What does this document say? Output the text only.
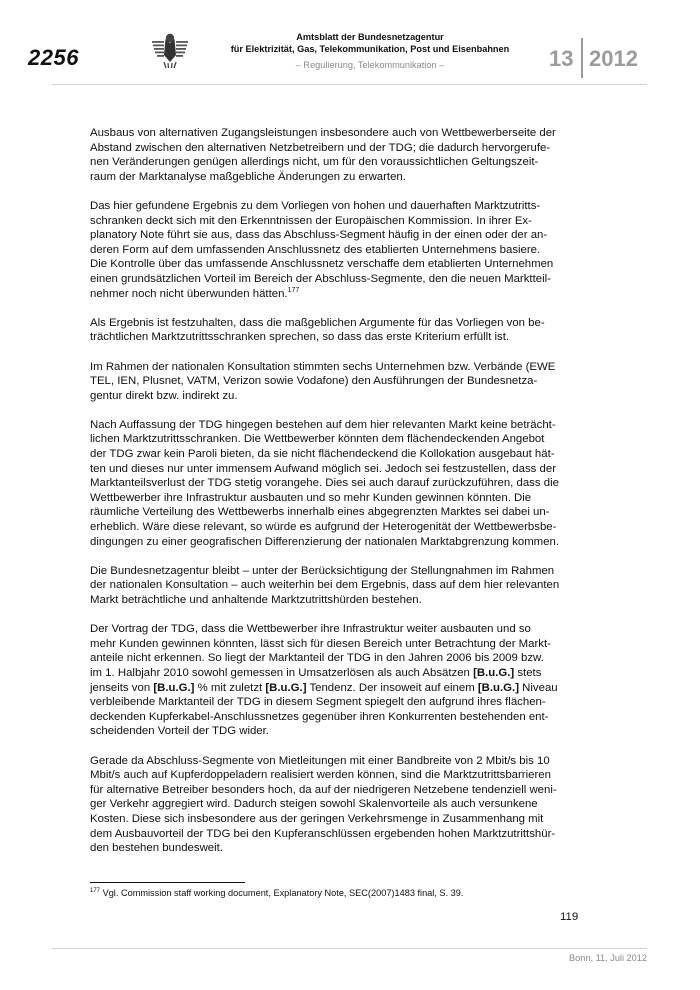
2256
Amtsblatt der Bundesnetzagentur
für Elektrizität, Gas, Telekommunikation, Post und Eisenbahnen
– Regulierung, Telekommunikation –	13 2012

Ausbaus von alternativen Zugangsleistungen insbesondere auch von Wettbewerberseite der
Abstand zwischen den alternativen Netzbetreibern und der TDG; die dadurch hervorgerufe-
nen Veränderungen genügen allerdings nicht, um für den voraussichtlichen Geltungszeit-
raum der Marktanalyse maßgebliche Änderungen zu erwarten.

Das hier gefundene Ergebnis zu dem Vorliegen von hohen und dauerhaften Marktzutritts-
schranken deckt sich mit den Erkenntnissen der Europäischen Kommission. In ihrer Ex-
planatory Note führt sie aus, dass das Abschluss-Segment häufig in der einen oder der an-
deren Form auf dem umfassenden Anschlussnetz des etablierten Unternehmens basiere.
Die Kontrolle über das umfassende Anschlussnetz verschaffe dem etablierten Unternehmen
einen grundsätzlichen Vorteil im Bereich der Abschluss-Segmente, den die neuen Marktteil-
nehmer noch nicht überwunden hätten.$^{177}$

Als Ergebnis ist festzuhalten, dass die maßgeblichen Argumente für das Vorliegen von be-
trächtlichen Marktzutrittsschranken sprechen, so dass das erste Kriterium erfüllt ist.

Im Rahmen der nationalen Konsultation stimmten sechs Unternehmen bzw. Verbände (EWE
TEL, IEN, Plusnet, VATM, Verizon sowie Vodafone) den Ausführungen der Bundesnetza-
gentur direkt bzw. indirekt zu.

Nach Auffassung der TDG hingegen bestehen auf dem hier relevanten Markt keine beträcht-
lichen Marktzutrittsschranken. Die Wettbewerber könnten dem flächendeckenden Angebot
der TDG zwar kein Paroli bieten, da sie nicht flächendeckend die Kollokation ausgebaut hät-
ten und dieses nur unter immensem Aufwand möglich sei. Jedoch sei festzustellen, dass der
Marktanteilsverlust der TDG stetig vorangehe. Dies sei auch darauf zurückzuführen, dass die
Wettbewerber ihre Infrastruktur ausbauten und so mehr Kunden gewinnen könnten. Die
räumliche Verteilung des Wettbewerbs innerhalb eines abgegrenzten Marktes sei dabei un-
erheblich. Wäre diese relevant, so würde es aufgrund der Heterogenität der Wettbewerbsbe-
dingungen zu einer geografischen Differenzierung der nationalen Marktabgrenzung kommen.

Die Bundesnetzagentur bleibt – unter der Berücksichtigung der Stellungnahmen im Rahmen
der nationalen Konsultation – auch weiterhin bei dem Ergebnis, dass auf dem hier relevanten
Markt beträchtliche und anhaltende Marktzutrittshürden bestehen.

Der Vortrag der TDG, dass die Wettbewerber ihre Infrastruktur weiter ausbauten und so
mehr Kunden gewinnen könnten, lässt sich für diesen Bereich unter Betrachtung der Markt-
anteile nicht erkennen. So liegt der Marktanteil der TDG in den Jahren 2006 bis 2009 bzw.
im 1. Halbjahr 2010 sowohl gemessen in Umsatzerlösen als auch Absätzen [B.u.G.] stets
jenseits von [B.u.G.] % mit zuletzt [B.u.G.] Tendenz. Der insoweit auf einem [B.u.G.] Niveau
verbleibende Marktanteil der TDG in diesem Segment spiegelt den aufgrund ihres flächen-
deckenden Kupferkabel-Anschlussnetzes gegenüber ihren Konkurrenten bestehenden ent-
scheidenden Vorteil der TDG wider.

Gerade da Abschluss-Segmente von Mietleitungen mit einer Bandbreite von 2 Mbit/s bis 10
Mbit/s auch auf Kupferdoppeladern realisiert werden können, sind die Marktzutrittsbarrieren
für alternative Betreiber besonders hoch, da auf der niedrigeren Netzebene tendenziell weni-
ger Verkehr aggregiert wird. Dadurch steigen sowohl Skalenvorteile als auch versunkene
Kosten. Diese sich insbesondere aus der geringen Verkehrsmenge in Zusammenhang mit
dem Ausbauvorteil der TDG bei den Kupferanschlüssen ergebenden hohen Marktzutrittshür-
den bestehen bundesweit.

$^{177}$ Vgl. Commission staff working document, Explanatory Note, SEC(2007)1483 final, S. 39.
119
Bonn, 11. Juli 2012
